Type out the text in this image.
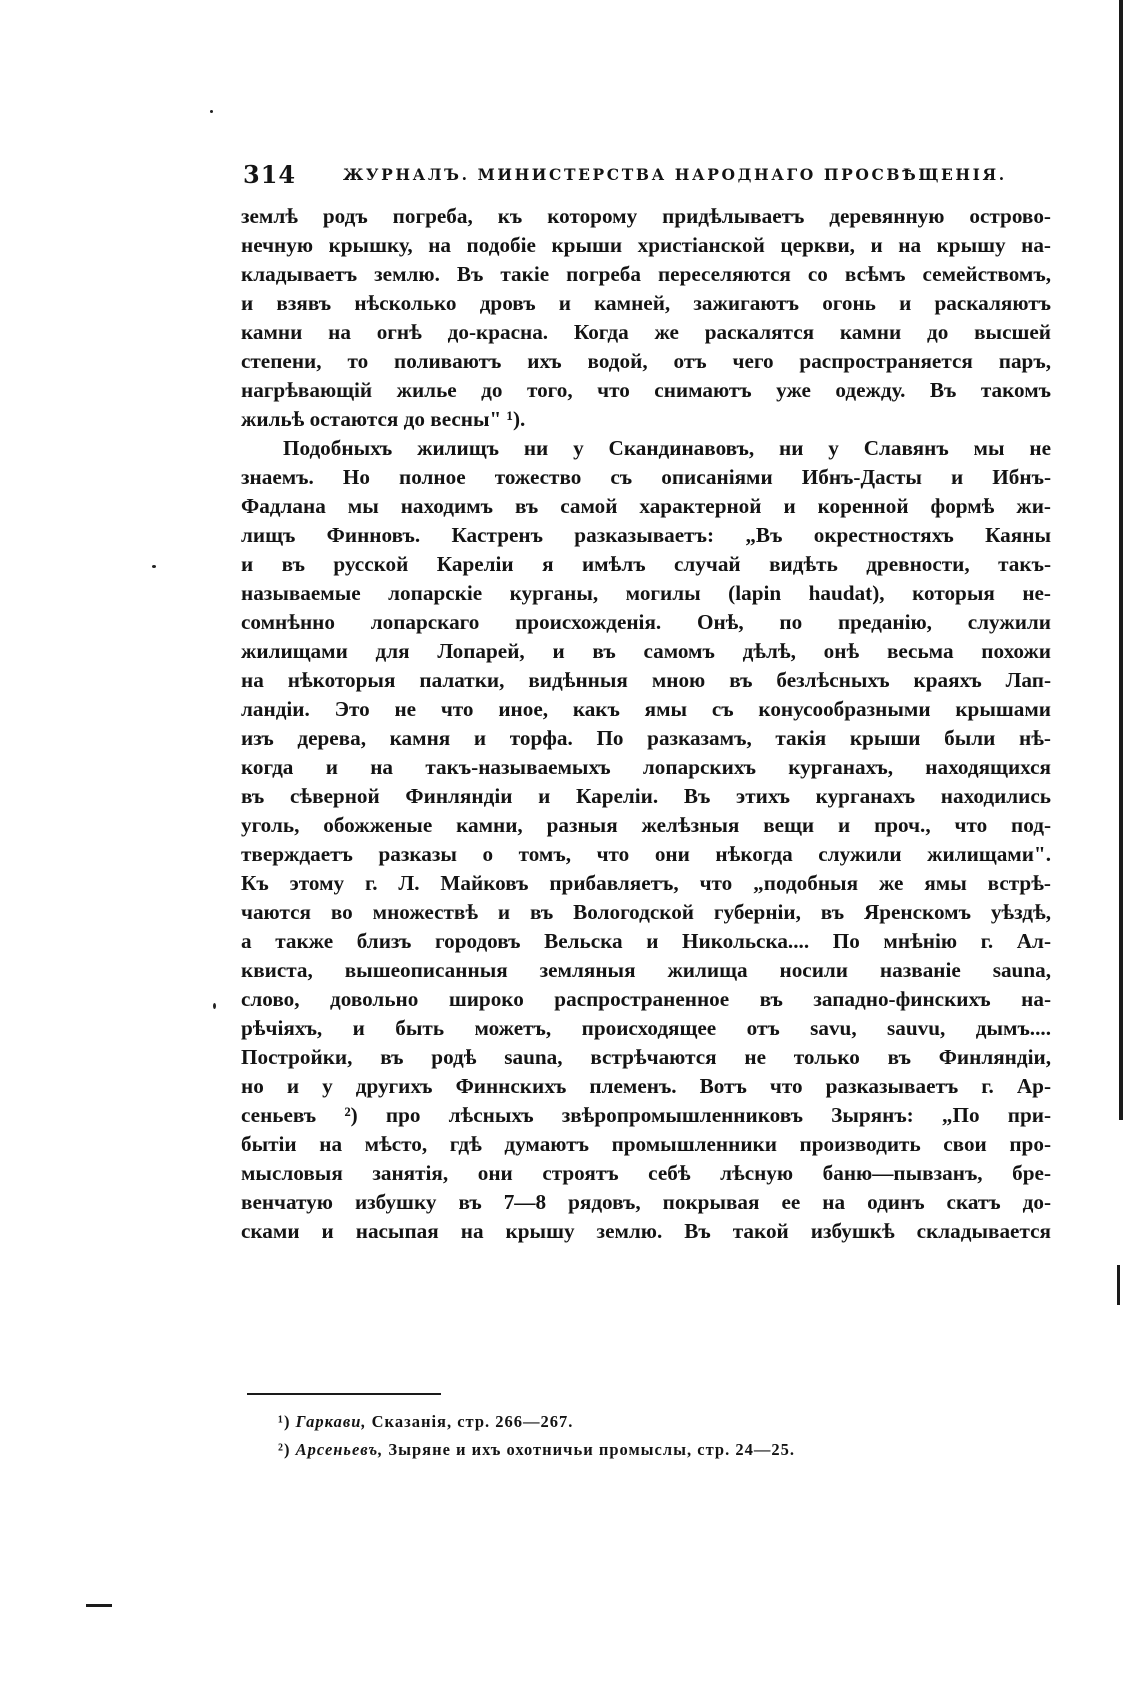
314	ЖУРНАЛЪ. МИНИСТЕРСТВА НАРОДНАГО ПРОСВѢЩЕНІЯ.
землѣ родъ погреба, къ которому придѣлываетъ деревянную островo-
нечную крышку, на подобіе крыши христіанской церкви, и на крышу на-
кладываетъ землю. Въ такіе погреба переселяются со всѣмъ семействомъ,
и взявъ нѣсколько дровъ и камней, зажигаютъ огонь и раскаляютъ
камни на огнѣ до-красна. Когда же раскалятся камни до высшей
степени, то поливаютъ ихъ водой, отъ чего распространяется паръ,
нагрѣвающій жилье до того, что снимаютъ уже одежду. Въ такомъ
жильѣ остаются до весны" ¹).
Подобныхъ жилищъ ни у Скандинавовъ, ни у Славянъ мы не
знаемъ. Но полное тожество съ описаніями Ибнъ-Дасты и Ибнъ-
Фадлана мы находимъ въ самой характерной и коренной формѣ жи-
лищъ Финновъ. Кастренъ разказываетъ: „Въ окрестностяхъ Каяны
и въ русской Кареліи я имѣлъ случай видѣть древности, такъ-
называемые лопарскіе курганы, могилы (lapin haudat), которыя не-
сомнѣнно лопарскаго происхожденія. Онѣ, по преданію, служили
жилищами для Лопарей, и въ самомъ дѣлѣ, онѣ весьма похожи
на нѣкоторыя палатки, видѣнныя мною въ безлѣсныхъ краяхъ Лап-
ландіи. Это не что иное, какъ ямы съ конусообразными крышами
изъ дерева, камня и торфа. По разказамъ, такія крыши были нѣ-
когда и на такъ-называемыхъ лопарскихъ курганахъ, находящихся
въ сѣверной Финляндіи и Кареліи. Въ этихъ курганахъ находились
уголь, обожженые камни, разныя желѣзныя вещи и проч., что под-
тверждаетъ разказы о томъ, что они нѣкогда служили жилищами".
Къ этому г. Л. Майковъ прибавляетъ, что „подобныя же ямы встрѣ-
чаются во множествѣ и въ Вологодской губерніи, въ Яренскомъ уѣздѣ,
а также близъ городовъ Вельска и Никольска.... По мнѣнію г. Ал-
квиста, вышеописанныя земляныя жилища носили названіе sauna,
слово, довольно широко распространенное въ западно-финскихъ на-
рѣчіяхъ, и быть можетъ, происходящее отъ savu, sauvu, дымъ....
Постройки, въ родѣ sauna, встрѣчаются не только въ Финляндіи,
но и у другихъ Финнскихъ племенъ. Вотъ что разказываетъ г. Ар-
сеньевъ ²) про лѣсныхъ звѣропромышленниковъ Зырянъ: „По при-
бытіи на мѣсто, гдѣ думаютъ промышленники производить свои про-
мысловыя занятія, они строятъ себѣ лѣсную баню—пывзанъ, бре-
венчатую избушку въ 7—8 рядовъ, покрывая ее на одинъ скатъ до-
сками и насыпая на крышу землю. Въ такой избушкѣ складывается
¹) Гаркави, Сказанія, стр. 266—267.
²) Арсеньевъ, Зыряне и ихъ охотничьи промыслы, стр. 24—25.
